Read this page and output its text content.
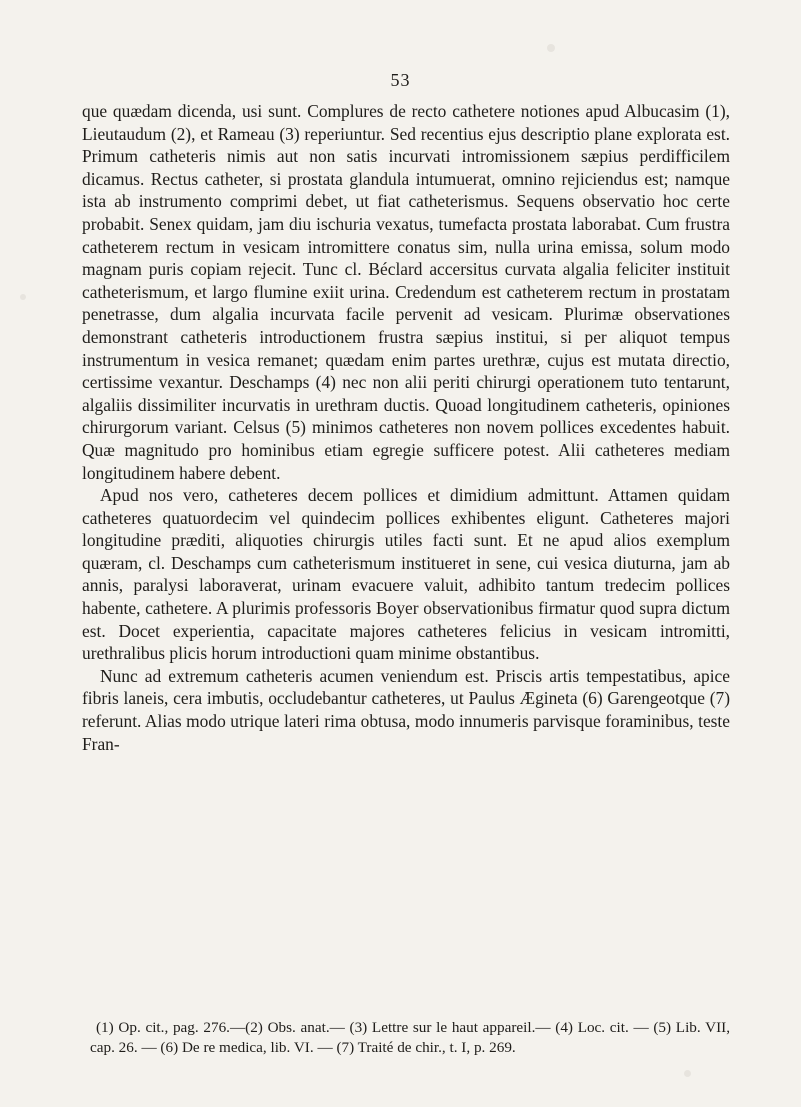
53

que quædam dicenda, usi sunt. Complures de recto cathetere notiones apud Albucasim (1), Lieutaudum (2), et Rameau (3) reperiuntur. Sed recentius ejus descriptio plane explorata est. Primum catheteris nimis aut non satis incurvati intromissionem sæpius perdifficilem dicamus. Rectus catheter, si prostata glandula intumuerat, omnino rejiciendus est; namque ista ab instrumento comprimi debet, ut fiat catheterismus. Sequens observatio hoc certe probabit. Senex quidam, jam diu ischuria vexatus, tumefacta prostata laborabat. Cum frustra catheterem rectum in vesicam intromittere conatus sim, nulla urina emissa, solum modo magnam puris copiam rejecit. Tunc cl. Béclard accersitus curvata algalia feliciter instituit catheterismum, et largo flumine exiit urina. Credendum est catheterem rectum in prostatam penetrasse, dum algalia incurvata facile pervenit ad vesicam. Plurimæ observationes demonstrant catheteris introductionem frustra sæpius institui, si per aliquot tempus instrumentum in vesica remanet; quædam enim partes urethræ, cujus est mutata directio, certissime vexantur. Deschamps (4) nec non alii periti chirurgi operationem tuto tentarunt, algaliis dissimiliter incurvatis in urethram ductis. Quoad longitudinem catheteris, opiniones chirurgorum variant. Celsus (5) minimos catheteres non novem pollices excedentes habuit. Quæ magnitudo pro hominibus etiam egregie sufficere potest. Alii catheteres mediam longitudinem habere debent.

Apud nos vero, catheteres decem pollices et dimidium admittunt. Attamen quidam catheteres quatuordecim vel quindecim pollices exhibentes eligunt. Catheteres majori longitudine præditi, aliquoties chirurgis utiles facti sunt. Et ne apud alios exemplum quæram, cl. Deschamps cum catheterismum institueret in sene, cui vesica diuturna, jam ab annis, paralysi laboraverat, urinam evacuere valuit, adhibito tantum tredecim pollices habente, cathetere. A plurimis professoris Boyer observationibus firmatur quod supra dictum est. Docet experientia, capacitate majores catheteres felicius in vesicam intromitti, urethralibus plicis horum introductioni quam minime obstantibus.

Nunc ad extremum catheteris acumen veniendum est. Priscis artis tempestatibus, apice fibris laneis, cera imbutis, occludebantur catheteres, ut Paulus Ægineta (6) Garengeotque (7) referunt. Alias modo utrique lateri rima obtusa, modo innumeris parvisque foraminibus, teste Fran-

(1) Op. cit., pag. 276.—(2) Obs. anat.— (3) Lettre sur le haut appareil.— (4) Loc. cit. — (5) Lib. VII, cap. 26. — (6) De re medica, lib. VI. — (7) Traité de chir., t. I, p. 269.
